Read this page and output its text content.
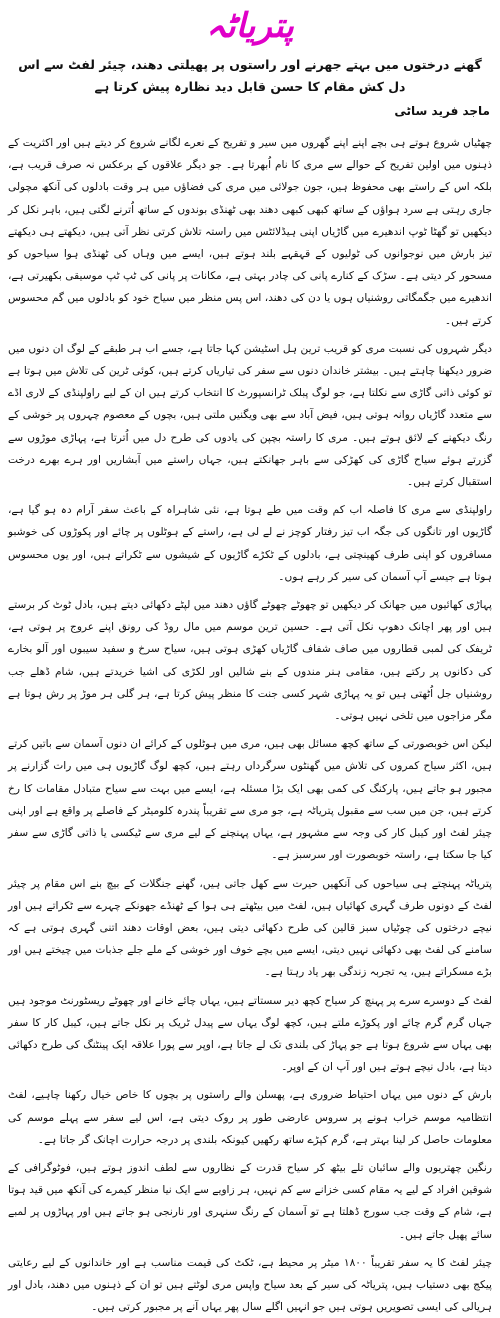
پتریاٹہ
گھنے درختوں میں بہتے جھرنے اور راستوں پر پھیلتی دھند، چیئر لفٹ سے اس دل کش مقام کا حسن قابل دید نظارہ پیش کرتا ہے
ماجد فرید ساٹی

چھٹیاں شروع ہوتے ہی بچے اپنے اپنے گھروں میں سیر و تفریح کے نعرے لگانے شروع کر دیتے ہیں اور اکثریت کے ذہنوں میں اولین تفریح کے حوالے سے مری کا نام اُبھرتا ہے۔ جو دیگر علاقوں کے برعکس نہ صرف قریب ہے، بلکہ اس کے راستے بھی محفوظ ہیں، جون جولائی میں مری کی فضاؤں میں ہر وقت بادلوں کی آنکھ مچولی جاری رہتی ہے سرد ہواؤں کے ساتھ کبھی کبھی دھند بھی ٹھنڈی بوندوں کے ساتھ اُترنے لگتی ہیں، باہر نکل کر دیکھیں تو گھٹا ٹوپ اندھیرے میں گاڑیاں اپنی ہیڈلائٹس میں راستہ تلاش کرتی نظر آتی ہیں، دیکھتے ہی دیکھتے تیز بارش میں نوجوانوں کی ٹولیوں کے قہقہے بلند ہوتے ہیں، ایسے میں وہاں کی ٹھنڈی ہوا سیاحوں کو مسحور کر دیتی ہے۔ سڑک کے کنارے پانی کی چادر بہتی ہے، مکانات پر پانی کی ٹپ ٹپ موسیقی بکھیرتی ہے، اندھیرے میں جگمگاتی روشنیاں ہوں یا دن کی دھند، اس پس منظر میں سیاح خود کو بادلوں میں گم محسوس کرتے ہیں۔

دیگر شہروں کی نسبت مری کو قریب ترین ہل اسٹیشن کہا جاتا ہے، جسے اب ہر طبقے کے لوگ ان دنوں میں ضرور دیکھنا چاہتے ہیں۔ بیشتر خاندان دنوں سے سفر کی تیاریاں کرتے ہیں، کوئی ٹرین کی تلاش میں ہوتا ہے تو کوئی ذاتی گاڑی سے نکلتا ہے، جو لوگ پبلک ٹرانسپورٹ کا انتخاب کرتے ہیں ان کے لیے راولپنڈی کے لاری اڈے سے متعدد گاڑیاں روانہ ہوتی ہیں، فیض آباد سے بھی ویگنیں ملتی ہیں، بچوں کے معصوم چہروں پر خوشی کے رنگ دیکھنے کے لائق ہوتے ہیں۔ مری کا راستہ بچپن کی یادوں کی طرح دل میں اُترتا ہے، پہاڑی موڑوں سے گزرتے ہوئے سیاح گاڑی کی کھڑکی سے باہر جھانکتے ہیں، جہاں راستے میں آبشاریں اور ہرے بھرے درخت استقبال کرتے ہیں۔

راولپنڈی سے مری کا فاصلہ اب کم وقت میں طے ہوتا ہے، نئی شاہراہ کے باعث سفر آرام دہ ہو گیا ہے، گاڑیوں اور تانگوں کی جگہ اب تیز رفتار کوچز نے لے لی ہے، راستے کے ہوٹلوں پر چائے اور پکوڑوں کی خوشبو مسافروں کو اپنی طرف کھینچتی ہے، بادلوں کے ٹکڑے گاڑیوں کے شیشوں سے ٹکراتے ہیں، اور یوں محسوس ہوتا ہے جیسے آپ آسمان کی سیر کر رہے ہوں۔

پہاڑی کھائیوں میں جھانک کر دیکھیں تو چھوٹے چھوٹے گاؤں دھند میں لپٹے دکھائی دیتے ہیں، بادل ٹوٹ کر برستے ہیں اور پھر اچانک دھوپ نکل آتی ہے۔ حسین ترین موسم میں مال روڈ کی رونق اپنے عروج پر ہوتی ہے، ٹریفک کی لمبی قطاروں میں صاف شفاف گاڑیاں کھڑی ہوتی ہیں، سیاح سرخ و سفید سیبوں اور آلو بخارے کی دکانوں پر رکتے ہیں، مقامی ہنر مندوں کے بنے شالیں اور لکڑی کی اشیا خریدتے ہیں، شام ڈھلے جب روشنیاں جل اُٹھتی ہیں تو یہ پہاڑی شہر کسی جنت کا منظر پیش کرتا ہے، ہر گلی ہر موڑ پر رش ہوتا ہے مگر مزاجوں میں تلخی نہیں ہوتی۔

لیکن اس خوبصورتی کے ساتھ کچھ مسائل بھی ہیں، مری میں ہوٹلوں کے کرائے ان دنوں آسمان سے باتیں کرتے ہیں، اکثر سیاح کمروں کی تلاش میں گھنٹوں سرگرداں رہتے ہیں، کچھ لوگ گاڑیوں ہی میں رات گزارنے پر مجبور ہو جاتے ہیں، پارکنگ کی کمی بھی ایک بڑا مسئلہ ہے، ایسے میں بہت سے سیاح متبادل مقامات کا رخ کرتے ہیں، جن میں سب سے مقبول پتریاٹہ ہے، جو مری سے تقریباً پندرہ کلومیٹر کے فاصلے پر واقع ہے اور اپنی چیئر لفٹ اور کیبل کار کی وجہ سے مشہور ہے، یہاں پہنچنے کے لیے مری سے ٹیکسی یا ذاتی گاڑی سے سفر کیا جا سکتا ہے، راستہ خوبصورت اور سرسبز ہے۔

پتریاٹہ پہنچتے ہی سیاحوں کی آنکھیں حیرت سے کھل جاتی ہیں، گھنے جنگلات کے بیچ بنے اس مقام پر چیئر لفٹ کے دونوں طرف گہری کھائیاں ہیں، لفٹ میں بیٹھتے ہی ہوا کے ٹھنڈے جھونکے چہرے سے ٹکراتے ہیں اور نیچے درختوں کی چوٹیاں سبز قالین کی طرح دکھائی دیتی ہیں، بعض اوقات دھند اتنی گہری ہوتی ہے کہ سامنے کی لفٹ بھی دکھائی نہیں دیتی، ایسے میں بچے خوف اور خوشی کے ملے جلے جذبات میں چیختے ہیں اور بڑے مسکراتے ہیں، یہ تجربہ زندگی بھر یاد رہتا ہے۔

لفٹ کے دوسرے سرے پر پہنچ کر سیاح کچھ دیر سستاتے ہیں، یہاں چائے خانے اور چھوٹے ریسٹورنٹ موجود ہیں جہاں گرم گرم چائے اور پکوڑے ملتے ہیں، کچھ لوگ یہاں سے پیدل ٹریک پر نکل جاتے ہیں، کیبل کار کا سفر بھی یہاں سے شروع ہوتا ہے جو پہاڑ کی بلندی تک لے جاتا ہے، اوپر سے پورا علاقہ ایک پینٹنگ کی طرح دکھائی دیتا ہے، بادل نیچے ہوتے ہیں اور آپ ان کے اوپر۔

بارش کے دنوں میں یہاں احتیاط ضروری ہے، پھسلن والے راستوں پر بچوں کا خاص خیال رکھنا چاہیے، لفٹ انتظامیہ موسم خراب ہونے پر سروس عارضی طور پر روک دیتی ہے، اس لیے سفر سے پہلے موسم کی معلومات حاصل کر لینا بہتر ہے، گرم کپڑے ساتھ رکھیں کیونکہ بلندی پر درجہ حرارت اچانک گر جاتا ہے۔

رنگین چھتریوں والے سائبان تلے بیٹھ کر سیاح قدرت کے نظاروں سے لطف اندوز ہوتے ہیں، فوٹوگرافی کے شوقین افراد کے لیے یہ مقام کسی خزانے سے کم نہیں، ہر زاویے سے ایک نیا منظر کیمرے کی آنکھ میں قید ہوتا ہے، شام کے وقت جب سورج ڈھلتا ہے تو آسمان کے رنگ سنہری اور نارنجی ہو جاتے ہیں اور پہاڑوں پر لمبے سائے پھیل جاتے ہیں۔

چیئر لفٹ کا یہ سفر تقریباً ۱۸۰۰ میٹر پر محیط ہے، ٹکٹ کی قیمت مناسب ہے اور خاندانوں کے لیے رعایتی پیکج بھی دستیاب ہیں، پتریاٹہ کی سیر کے بعد سیاح واپس مری لوٹتے ہیں تو ان کے ذہنوں میں دھند، بادل اور ہریالی کی ایسی تصویریں ہوتی ہیں جو انہیں اگلے سال پھر یہاں آنے پر مجبور کرتی ہیں۔
